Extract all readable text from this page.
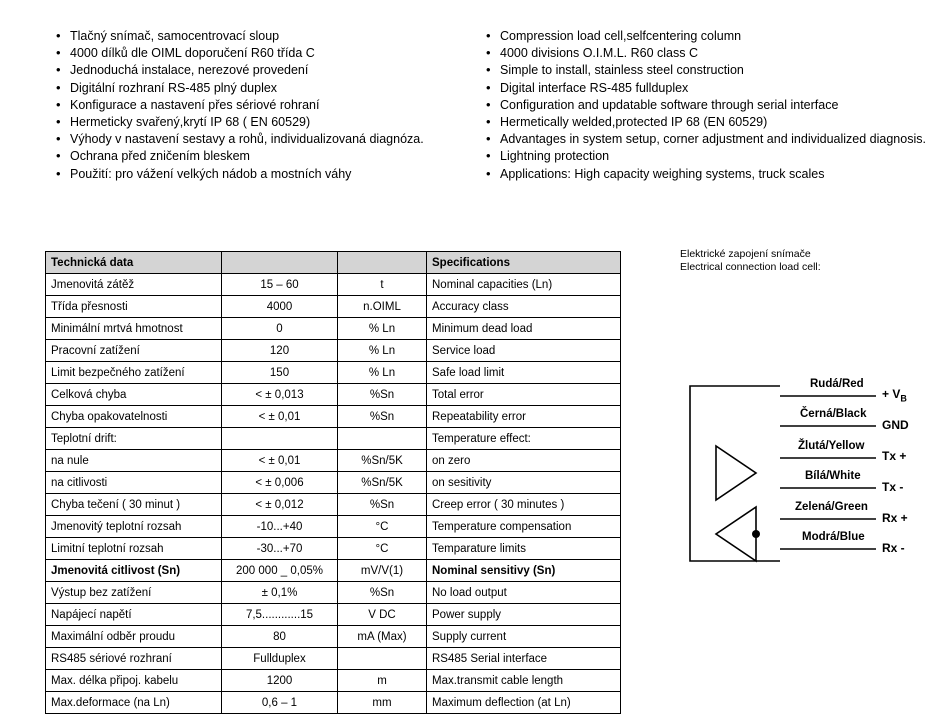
• Tlačný snímač, samocentrovací sloup
• 4000 dílků dle OIML doporučení R60 třída C
• Jednoduchá instalace, nerezové provedení
• Digitální rozhraní RS-485 plný duplex
• Konfigurace a nastavení přes sériové rohraní
• Hermeticky svařený,krytí IP 68 ( EN 60529)
• Výhody v nastavení sestavy a rohů, individualizovaná diagnóza.
• Ochrana před zničením bleskem
• Použití: pro vážení velkých nádob a mostních váhy
• Compression load cell,selfcentering column
• 4000 divisions O.I.M.L. R60 class C
• Simple to install, stainless steel construction
• Digital interface RS-485 fullduplex
• Configuration and updatable software through serial interface
• Hermetically welded,protected IP 68 (EN 60529)
• Advantages in system setup, corner adjustment and individualized diagnosis.
• Lightning protection
• Applications: High capacity weighing systems, truck scales
Technická data			Specifications
Jmenovitá zátěž	15 – 60	t	Nominal capacities (Ln)
Třída přesnosti	4000	n.OIML	Accuracy class
Minimální mrtvá hmotnost	0	% Ln	Minimum dead load
Pracovní zatížení	120	% Ln	Service load
Limit bezpečného zatížení	150	% Ln	Safe load limit
Celková chyba	< ± 0,013	%Sn	Total error
Chyba opakovatelnosti	< ± 0,01	%Sn	Repeatability error
Teplotní drift:			Temperature effect:
na nule	< ± 0,01	%Sn/5K	on zero
na citlivosti	< ± 0,006	%Sn/5K	on sesitivity
Chyba tečení ( 30 minut )	< ± 0,012	%Sn	Creep error ( 30 minutes )
Jmenovitý teplotní rozsah	-10...+40	°C	Temperature compensation
Limitní teplotní rozsah	-30...+70	°C	Temparature limits
Jmenovitá citlivost (Sn)	200 000 _ 0,05%	mV/V(1)	Nominal sensitivy (Sn)
Výstup bez zatížení	± 0,1%	%Sn	No load output
Napájecí napětí	7,5............15	V DC	Power supply
Maximální odběr proudu	80	mA (Max)	Supply current
RS485 sériové rozhraní	Fullduplex		RS485 Serial interface
Max. délka připoj. kabelu	1200	m	Max.transmit cable length
Max.deformace (na Ln)	0,6 – 1	mm	Maximum deflection (at Ln)
Elektrické zapojení snímače
Electrical connection load cell:
Rudá/Red
Černá/Black
Žlutá/Yellow
Bílá/White
Zelená/Green
Modrá/Blue
+ $V_B$
GND
Tx +
Tx -
Rx +
Rx -
